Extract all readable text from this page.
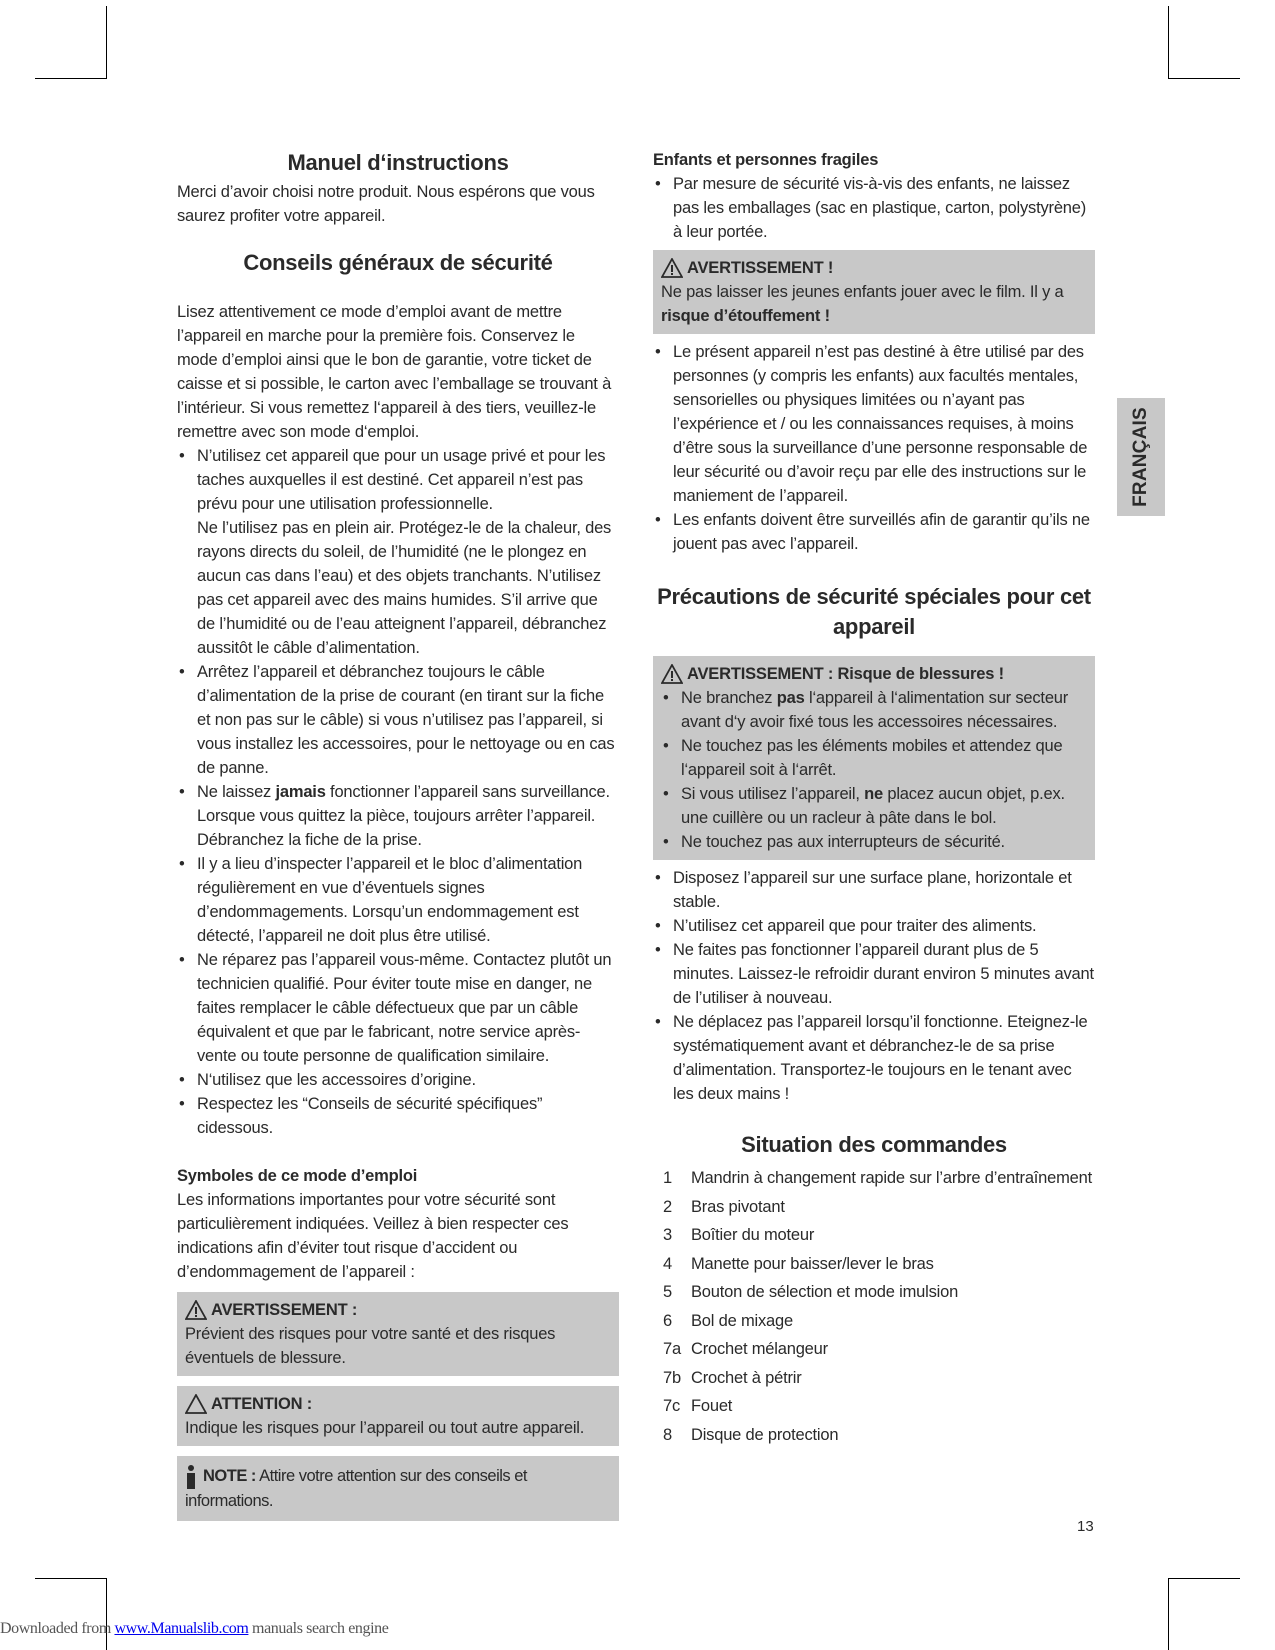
Manuel d‘instructions

Merci d’avoir choisi notre produit. Nous espérons que vous saurez profiter votre appareil.

Conseils généraux de sécurité

Lisez attentivement ce mode d’emploi avant de mettre l’appareil en marche pour la première fois. Conservez le mode d’emploi ainsi que le bon de garantie, votre ticket de caisse et si possible, le carton avec l’emballage se trouvant à l’intérieur. Si vous remettez l‘appareil à des tiers, veuillez-le remettre avec son mode d‘emploi.

• N’utilisez cet appareil que pour un usage privé et pour les taches auxquelles il est destiné. Cet appareil n’est pas prévu pour une utilisation professionnelle.
Ne l’utilisez pas en plein air. Protégez-le de la chaleur, des rayons directs du soleil, de l’humidité (ne le plongez en aucun cas dans l’eau) et des objets tranchants. N’utilisez pas cet appareil avec des mains humides. S’il arrive que de l’humidité ou de l’eau atteignent l’appareil, débranchez aussitôt le câble d’alimentation.
• Arrêtez l’appareil et débranchez toujours le câble d’alimentation de la prise de courant (en tirant sur la fiche et non pas sur le câble) si vous n’utilisez pas l’appareil, si vous installez les accessoires, pour le nettoyage ou en cas de panne.
• Ne laissez jamais fonctionner l’appareil sans surveillance. Lorsque vous quittez la pièce, toujours arrêter l’appareil. Débranchez la fiche de la prise.
• Il y a lieu d’inspecter l’appareil et le bloc d’alimentation régulièrement en vue d’éventuels signes d’endommagements. Lorsqu’un endommagement est détecté, l’appareil ne doit plus être utilisé.
• Ne réparez pas l’appareil vous-même. Contactez plutôt un technicien qualifié. Pour éviter toute mise en danger, ne faites remplacer le câble défectueux que par un câble équivalent et que par le fabricant, notre service après-vente ou toute personne de qualification similaire.
• N‘utilisez que les accessoires d’origine.
• Respectez les “Conseils de sécurité spécifiques” cidessous.
Symboles de ce mode d’emploi

Les informations importantes pour votre sécurité sont particulièrement indiquées. Veillez à bien respecter ces indications afin d’éviter tout risque d’accident ou d’endommagement de l’appareil :

AVERTISSEMENT :
Prévient des risques pour votre santé et des risques éventuels de blessure.
ATTENTION :
Indique les risques pour l’appareil ou tout autre appareil.
NOTE : Attire votre attention sur des conseils et informations.
Enfants et personnes fragiles
• Par mesure de sécurité vis-à-vis des enfants, ne laissez pas les emballages (sac en plastique, carton, polystyrène) à leur portée.
AVERTISSEMENT !
Ne pas laisser les jeunes enfants jouer avec le film. Il y a risque d’étouffement !
• Le présent appareil n’est pas destiné à être utilisé par des personnes (y compris les enfants) aux facultés mentales, sensorielles ou physiques limitées ou n’ayant pas l’expérience et / ou les connaissances requises, à moins d’être sous la surveillance d’une personne responsable de leur sécurité ou d’avoir reçu par elle des instructions sur le maniement de l’appareil.
• Les enfants doivent être surveillés afin de garantir qu’ils ne jouent pas avec l’appareil.
Précautions de sécurité spéciales pour cet appareil
AVERTISSEMENT : Risque de blessures !
• Ne branchez pas l‘appareil à l‘alimentation sur secteur avant d‘y avoir fixé tous les accessoires nécessaires.
• Ne touchez pas les éléments mobiles et attendez que l‘appareil soit à l‘arrêt.
• Si vous utilisez l’appareil, ne placez aucun objet, p.ex. une cuillère ou un racleur à pâte dans le bol.
• Ne touchez pas aux interrupteurs de sécurité.
• Disposez l’appareil sur une surface plane, horizontale et stable.
• N’utilisez cet appareil que pour traiter des aliments.
• Ne faites pas fonctionner l’appareil durant plus de 5 minutes. Laissez-le refroidir durant environ 5 minutes avant de l’utiliser à nouveau.
• Ne déplacez pas l’appareil lorsqu’il fonctionne. Eteignez-le systématiquement avant et débranchez-le de sa prise d’alimentation. Transportez-le toujours en le tenant avec les deux mains !
Situation des commandes
1	Mandrin à changement rapide sur l’arbre d’entraînement
2	Bras pivotant
3	Boîtier du moteur
4	Manette pour baisser/lever le bras
5	Bouton de sélection et mode imulsion
6	Bol de mixage
7a Crochet mélangeur
7b Crochet à pétrir
7c Fouet
8	Disque de protection
FRANÇAIS
13
Downloaded from www.Manualslib.com manuals search engine
